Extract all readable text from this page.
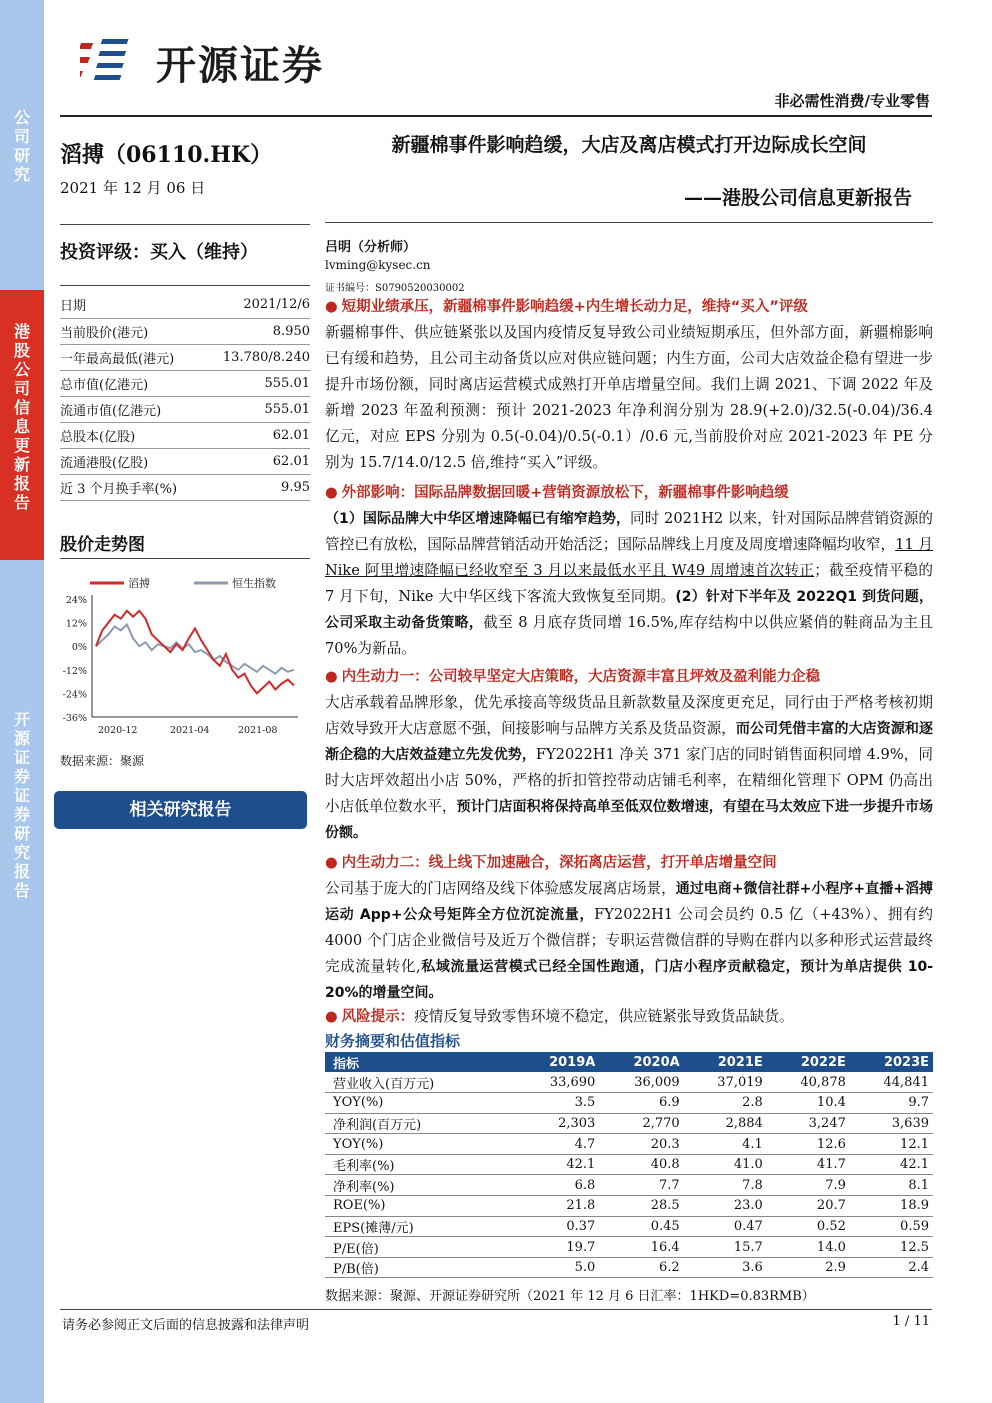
公司研究
港股公司信息更新报告
开源证券 证券研究报告
开源证券
非必需性消费/专业零售
滔搏（06110.HK）
2021 年 12 月 06 日
投资评级：买入（维持）
日期	2021/12/6
当前股价(港元)	8.950
一年最高最低(港元)	13.780/8.240
总市值(亿港元)	555.01
流通市值(亿港元)	555.01
总股本(亿股)	62.01
流通港股(亿股)	62.01
近 3 个月换手率(%)	9.95
股价走势图
滔搏	恒生指数
24%
12%
0%
-12%
-24%
-36%
2020-12	2021-04	2021-08
数据来源：聚源
相关研究报告
新疆棉事件影响趋缓，大店及离店模式打开边际成长空间
——港股公司信息更新报告
吕明（分析师）
lvming@kysec.cn
证书编号：S0790520030002
● 短期业绩承压，新疆棉事件影响趋缓+内生增长动力足，维持“买入”评级
新疆棉事件、供应链紧张以及国内疫情反复导致公司业绩短期承压，但外部方面，新疆棉影响已有缓和趋势，且公司主动备货以应对供应链问题；内生方面，公司大店效益企稳有望进一步提升市场份额，同时离店运营模式成熟打开单店增量空间。我们上调 2021、下调 2022 年及新增 2023 年盈利预测：预计 2021-2023 年净利润分别为 28.9(+2.0)/32.5(-0.04)/36.4 亿元，对应 EPS 分别为 0.5(-0.04)/0.5(-0.1）/0.6 元,当前股价对应 2021-2023 年 PE 分别为 15.7/14.0/12.5 倍,维持“买入”评级。
● 外部影响：国际品牌数据回暖+营销资源放松下，新疆棉事件影响趋缓
（1）国际品牌大中华区增速降幅已有缩窄趋势，同时 2021H2 以来，针对国际品牌营销资源的管控已有放松，国际品牌营销活动开始活泛；国际品牌线上月度及周度增速降幅均收窄，11 月 Nike 阿里增速降幅已经收窄至 3 月以来最低水平且 W49 周增速首次转正；截至疫情平稳的 7 月下旬，Nike 大中华区线下客流大致恢复至同期。(2）针对下半年及 2022Q1 到货问题，公司采取主动备货策略，截至 8 月底存货同增 16.5%,库存结构中以供应紧俏的鞋商品为主且 70%为新品。
● 内生动力一：公司较早坚定大店策略，大店资源丰富且坪效及盈利能力企稳
大店承载着品牌形象，优先承接高等级货品且新款数量及深度更充足，同行由于严格考核初期店效导致开大店意愿不强，间接影响与品牌方关系及货品资源，而公司凭借丰富的大店资源和逐渐企稳的大店效益建立先发优势，FY2022H1 净关 371 家门店的同时销售面积同增 4.9%，同时大店坪效超出小店 50%，严格的折扣管控带动店铺毛利率，在精细化管理下 OPM 仍高出小店低单位数水平，预计门店面积将保持高单至低双位数增速，有望在马太效应下进一步提升市场份额。
● 内生动力二：线上线下加速融合，深拓离店运营，打开单店增量空间
公司基于庞大的门店网络及线下体验感发展离店场景，通过电商+微信社群+小程序+直播+滔搏运动 App+公众号矩阵全方位沉淀流量，FY2022H1 公司会员约 0.5 亿（+43%）、拥有约 4000 个门店企业微信号及近万个微信群；专职运营微信群的导购在群内以多种形式运营最终完成流量转化,私域流量运营模式已经全国性跑通，门店小程序贡献稳定，预计为单店提供 10-20%的增量空间。
● 风险提示：疫情反复导致零售环境不稳定，供应链紧张导致货品缺货。
财务摘要和估值指标
指标	2019A	2020A	2021E	2022E	2023E
营业收入(百万元)	33,690	36,009	37,019	40,878	44,841
YOY(%)	3.5	6.9	2.8	10.4	9.7
净利润(百万元)	2,303	2,770	2,884	3,247	3,639
YOY(%)	4.7	20.3	4.1	12.6	12.1
毛利率(%)	42.1	40.8	41.0	41.7	42.1
净利率(%)	6.8	7.7	7.8	7.9	8.1
ROE(%)	21.8	28.5	23.0	20.7	18.9
EPS(摊薄/元)	0.37	0.45	0.47	0.52	0.59
P/E(倍)	19.7	16.4	15.7	14.0	12.5
P/B(倍)	5.0	6.2	3.6	2.9	2.4
数据来源：聚源、开源证券研究所（2021 年 12 月 6 日汇率：1HKD=0.83RMB）
请务必参阅正文后面的信息披露和法律声明	1 / 11
